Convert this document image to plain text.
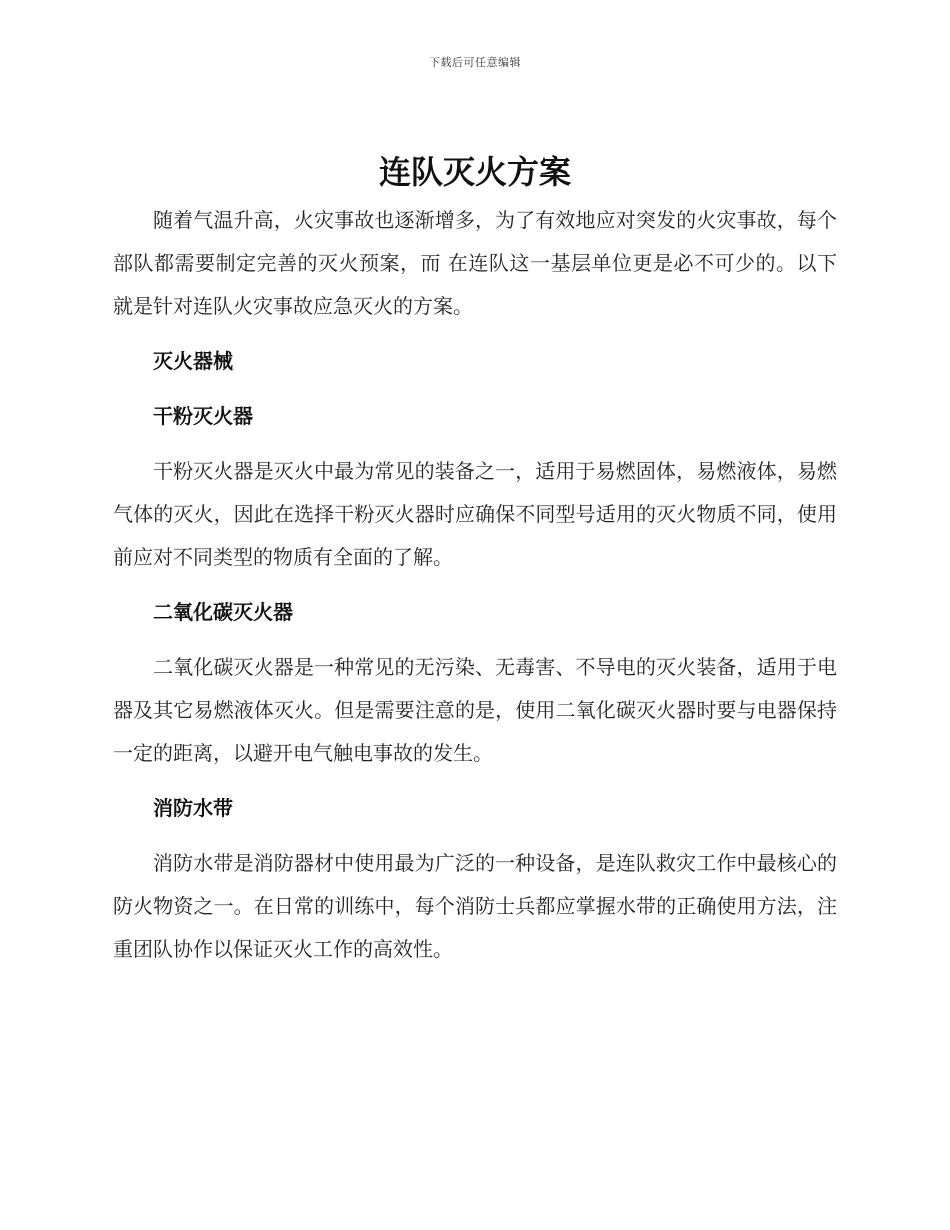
下载后可任意编辑
连队灭火方案

随着气温升高，火灾事故也逐渐增多，为了有效地应对突发的火灾事故，每个部队都需要制定完善的灭火预案，而 在连队这一基层单位更是必不可少的。以下就是针对连队火灾事故应急灭火的方案。

灭火器械

干粉灭火器

干粉灭火器是灭火中最为常见的装备之一，适用于易燃固体，易燃液体，易燃气体的灭火，因此在选择干粉灭火器时应确保不同型号适用的灭火物质不同，使用前应对不同类型的物质有全面的了解。

二氧化碳灭火器

二氧化碳灭火器是一种常见的无污染、无毒害、不导电的灭火装备，适用于电器及其它易燃液体灭火。但是需要注意的是，使用二氧化碳灭火器时要与电器保持一定的距离，以避开电气触电事故的发生。

消防水带

消防水带是消防器材中使用最为广泛的一种设备，是连队救灾工作中最核心的防火物资之一。在日常的训练中，每个消防士兵都应掌握水带的正确使用方法，注重团队协作以保证灭火工作的高效性。
